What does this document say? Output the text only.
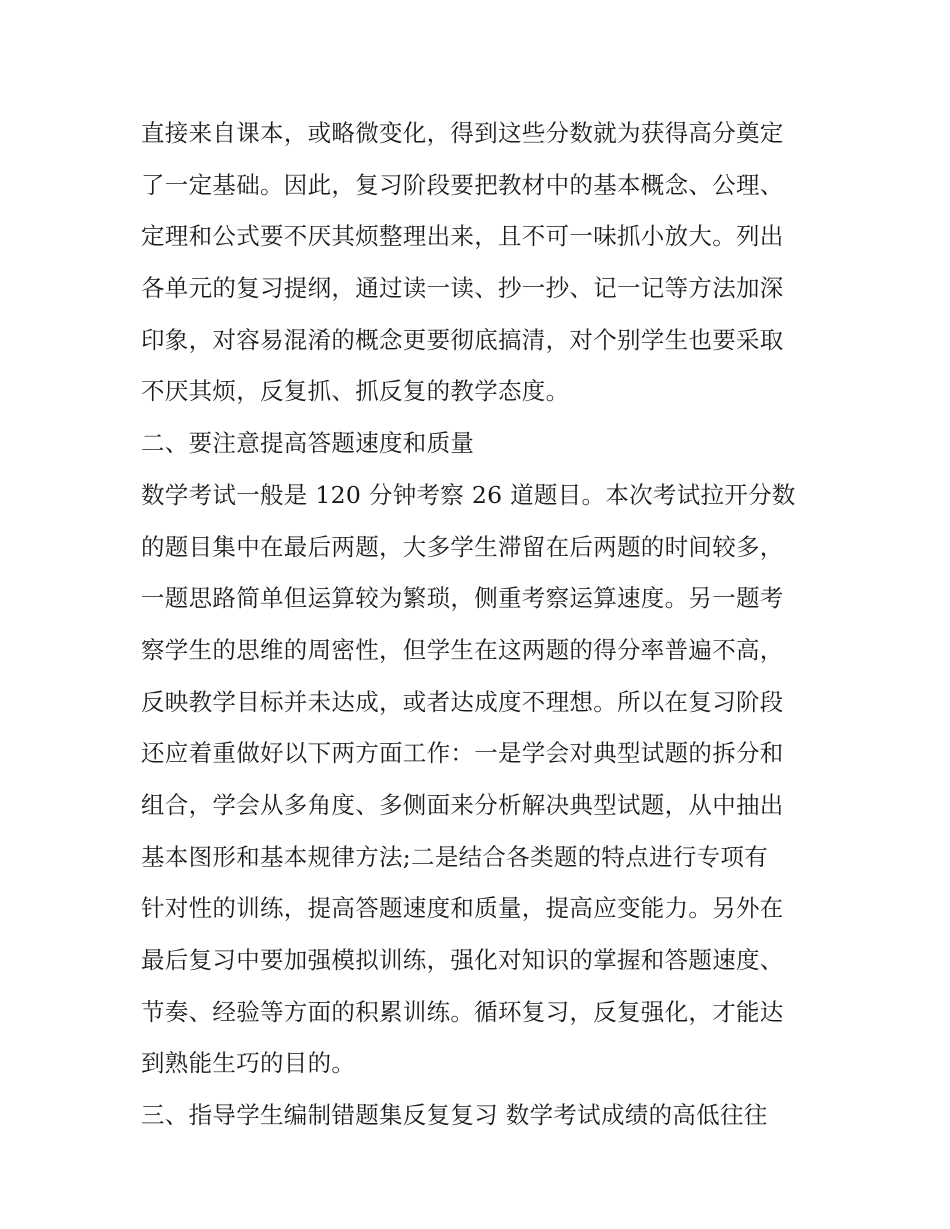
直接来自课本，或略微变化，得到这些分数就为获得高分奠定
了一定基础。因此，复习阶段要把教材中的基本概念、公理、
定理和公式要不厌其烦整理出来，且不可一味抓小放大。列出
各单元的复习提纲，通过读一读、抄一抄、记一记等方法加深
印象，对容易混淆的概念更要彻底搞清，对个别学生也要采取
不厌其烦，反复抓、抓反复的教学态度。
二、要注意提高答题速度和质量
数学考试一般是 120 分钟考察 26 道题目。本次考试拉开分数
的题目集中在最后两题，大多学生滞留在后两题的时间较多，
一题思路简单但运算较为繁琐，侧重考察运算速度。另一题考
察学生的思维的周密性，但学生在这两题的得分率普遍不高，
反映教学目标并未达成，或者达成度不理想。所以在复习阶段
还应着重做好以下两方面工作：一是学会对典型试题的拆分和
组合，学会从多角度、多侧面来分析解决典型试题，从中抽出
基本图形和基本规律方法;二是结合各类题的特点进行专项有
针对性的训练，提高答题速度和质量，提高应变能力。另外在
最后复习中要加强模拟训练，强化对知识的掌握和答题速度、
节奏、经验等方面的积累训练。循环复习，反复强化，才能达
到熟能生巧的目的。
三、指导学生编制错题集反复复习 数学考试成绩的高低往往
